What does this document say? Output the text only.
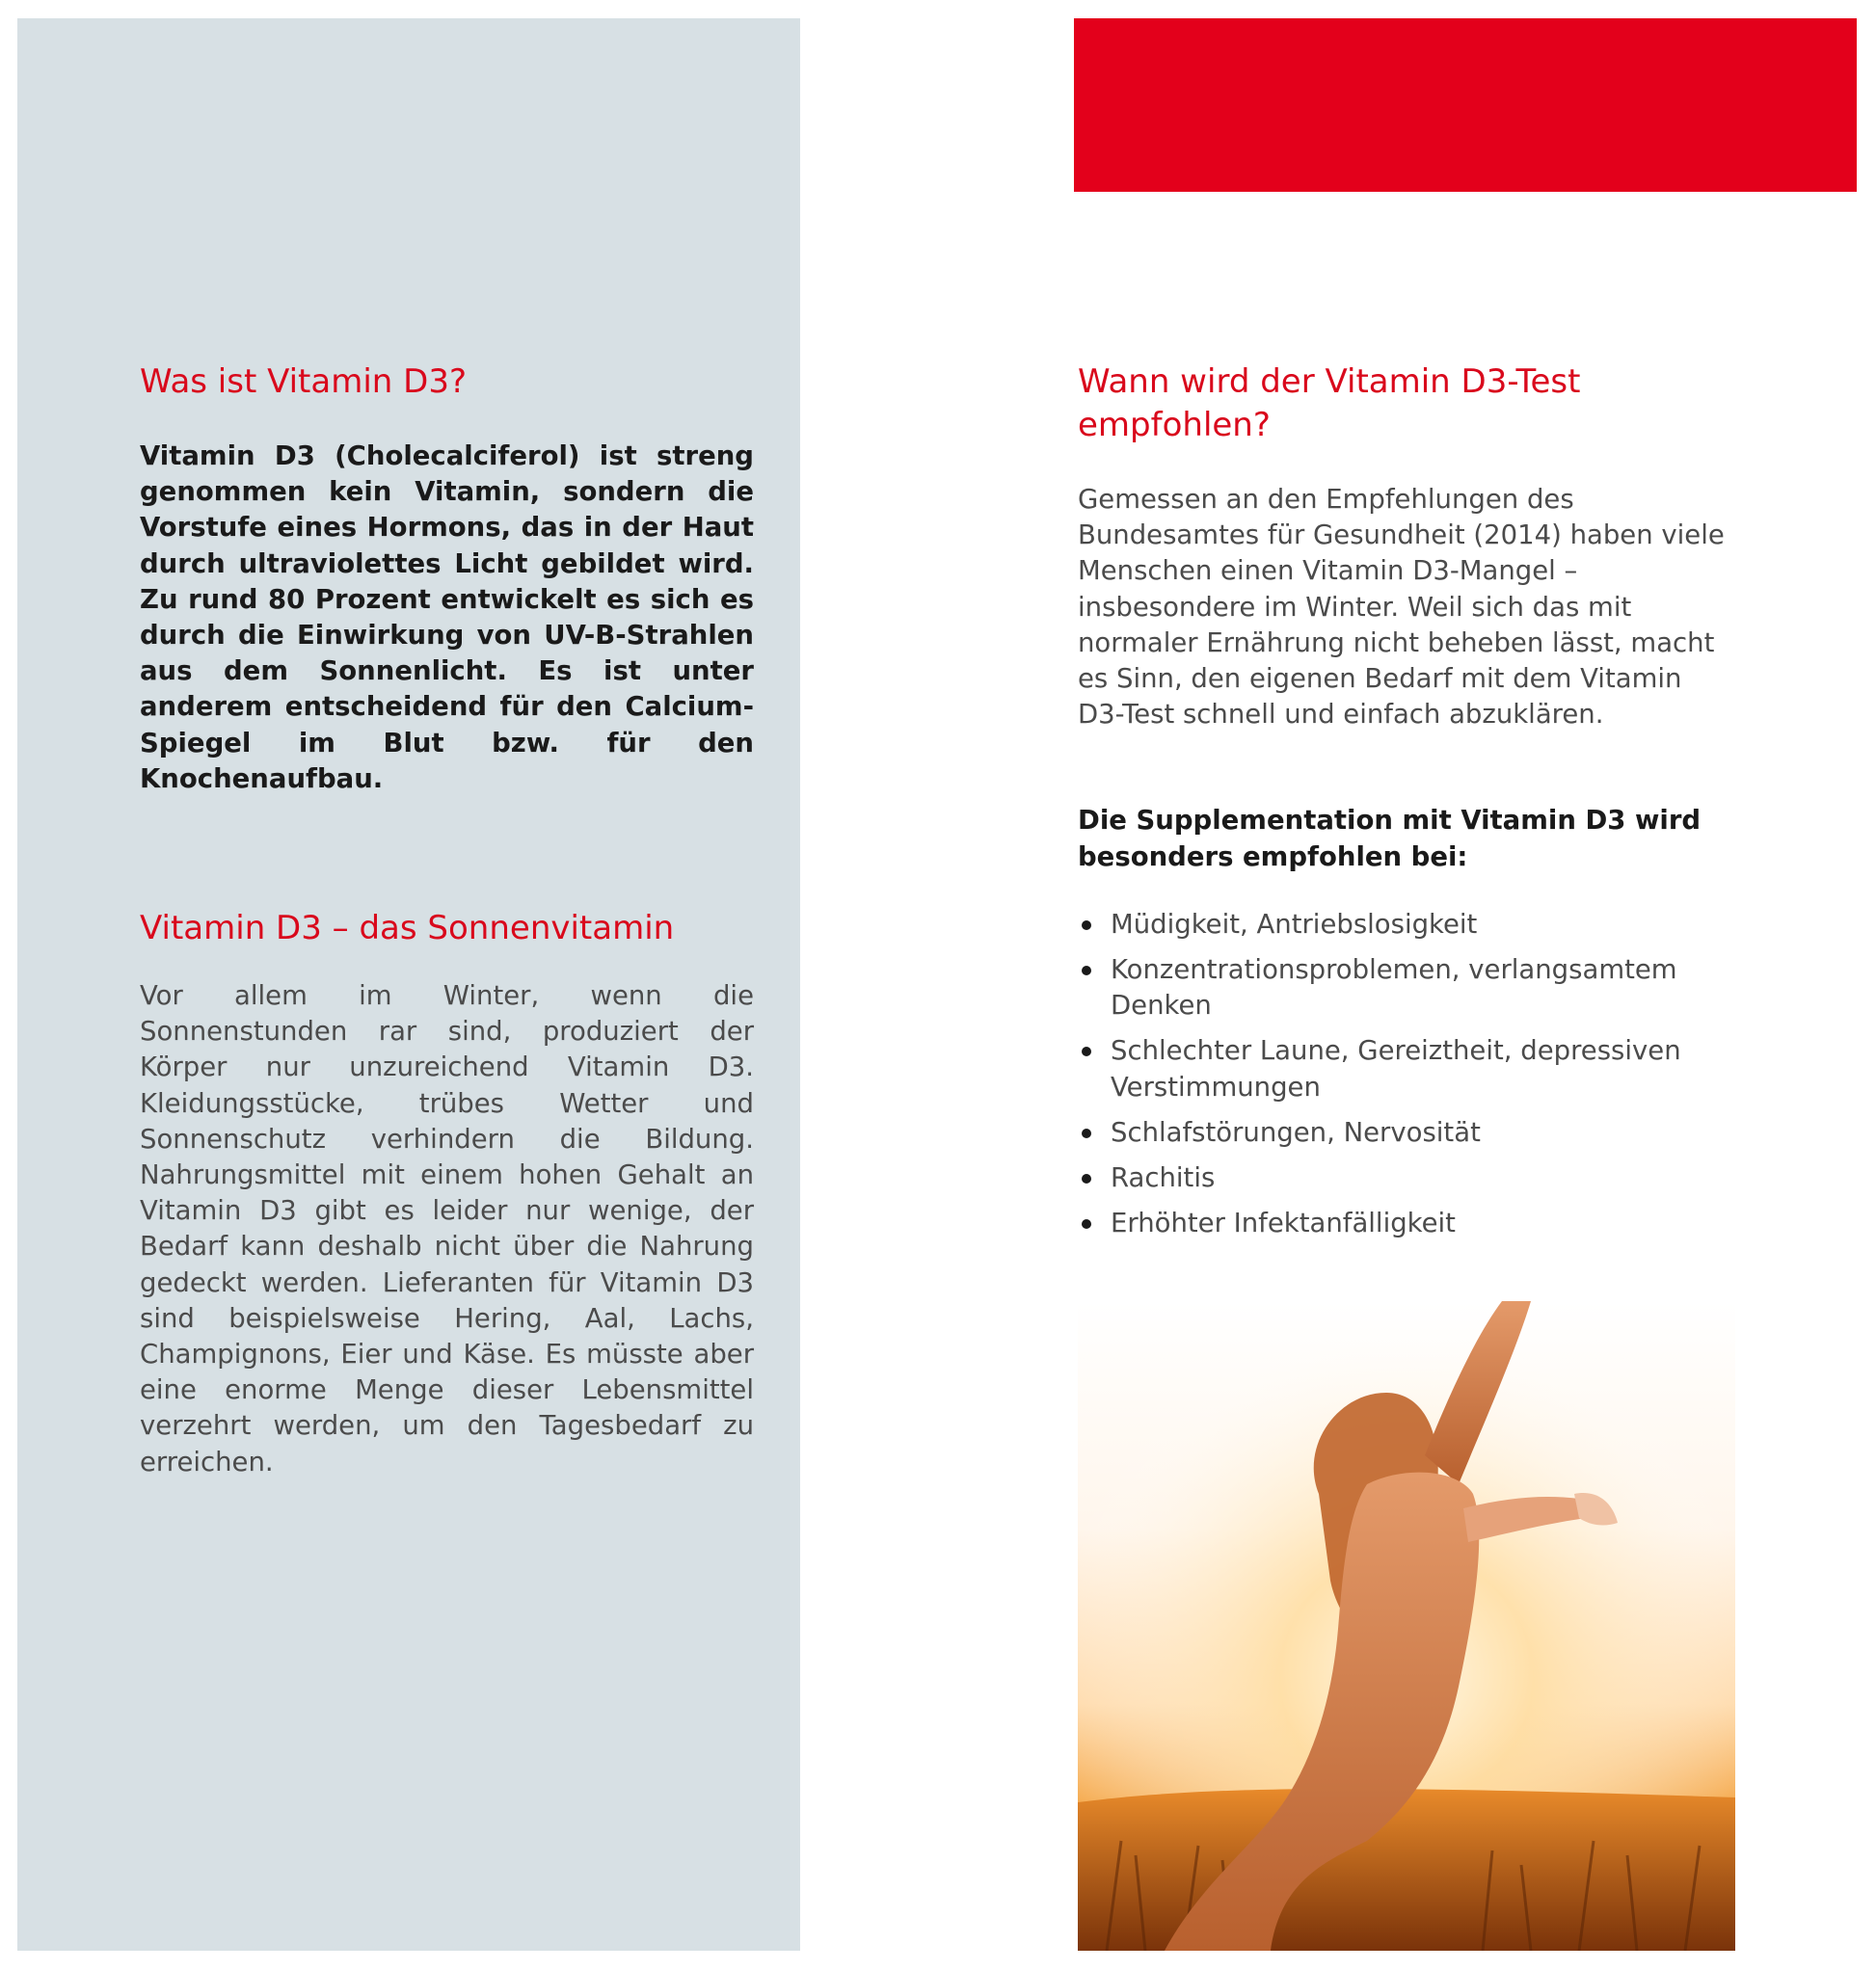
Was ist Vitamin D3?

Vitamin D3 (Cholecalciferol) ist streng genommen kein Vitamin, sondern die Vorstufe eines Hormons, das in der Haut durch ultraviolettes Licht gebildet wird. Zu rund 80 Prozent entwickelt es sich es durch die Einwirkung von UV-B-Strahlen aus dem Sonnenlicht. Es ist unter anderem entscheidend für den Calcium-Spiegel im Blut bzw. für den Knochenaufbau.

Vitamin D3 – das Sonnenvitamin

Vor allem im Winter, wenn die Sonnenstunden rar sind, produziert der Körper nur unzureichend Vitamin D3. Kleidungsstücke, trübes Wetter und Sonnenschutz verhindern die Bildung. Nahrungsmittel mit einem hohen Gehalt an Vitamin D3 gibt es leider nur wenige, der Bedarf kann deshalb nicht über die Nahrung gedeckt werden. Lieferanten für Vitamin D3 sind beispielsweise Hering, Aal, Lachs, Champignons, Eier und Käse. Es müsste aber eine enorme Menge dieser Lebensmittel verzehrt werden, um den Tagesbedarf zu erreichen.

Wann wird der Vitamin D3-Test empfohlen?

Gemessen an den Empfehlungen des Bundesamtes für Gesundheit (2014) haben viele Menschen einen Vitamin D3-Mangel – insbesondere im Winter. Weil sich das mit normaler Ernährung nicht beheben lässt, macht es Sinn, den eigenen Bedarf mit dem Vitamin D3-Test schnell und einfach abzuklären.

Die Supplementation mit Vitamin D3 wird besonders empfohlen bei:

Müdigkeit, Antriebslosigkeit
Konzentrationsproblemen, verlangsamtem Denken
Schlechter Laune, Gereiztheit, depressiven Verstimmungen
Schlafstörungen, Nervosität
Rachitis
Erhöhter Infektanfälligkeit
